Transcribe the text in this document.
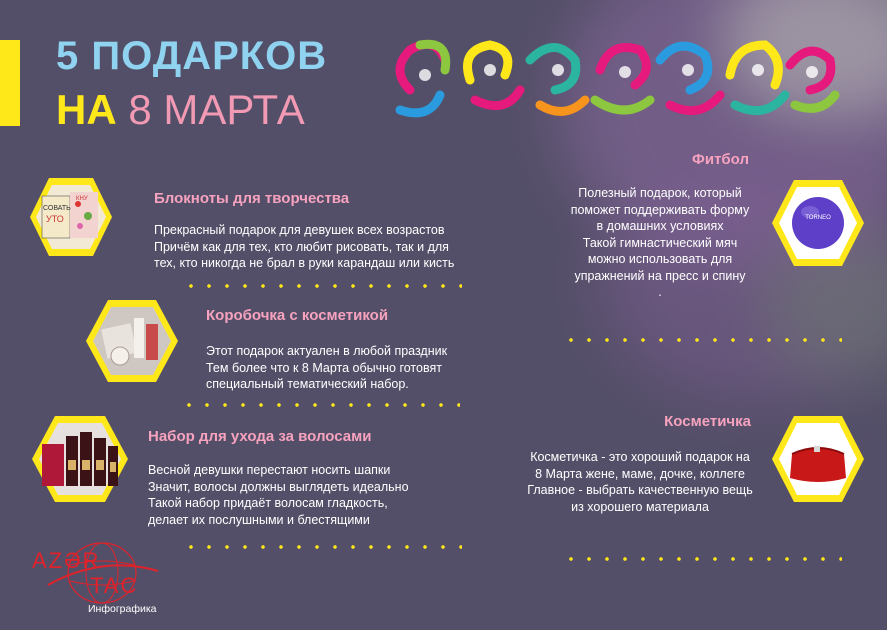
5 ПОДАРКОВ
НА 8 МАРТА
СОВАТЬ
УТО
КНУ	Блокноты для творчества
Прекрасный подарок для девушек всех возрастов
Причём как для тех, кто любит рисовать, так и для
тех, кто никогда не брал в руки карандаш или кисть
Коробочка с косметикой
Этот подарок актуален в любой праздник
Тем более что к 8 Марта обычно готовят
специальный тематический набор.
Набор для ухода за волосами
Весной девушки перестают носить шапки
Значит, волосы должны выглядеть идеально
Такой набор придаёт волосам гладкость,
делает их послушными и блестящими
Фитбол
Полезный подарок, который
поможет поддерживать форму
в домашних условиях
Такой гимнастический мяч
можно использовать для
упражнений на пресс и спину
.
TORNEO
Косметичка
Косметичка - это хороший подарок на
8 Марта жене, маме, дочке, коллеге
Главное - выбрать качественную вещь
из хорошего материала
AZƏR
TAC
Инфографика
